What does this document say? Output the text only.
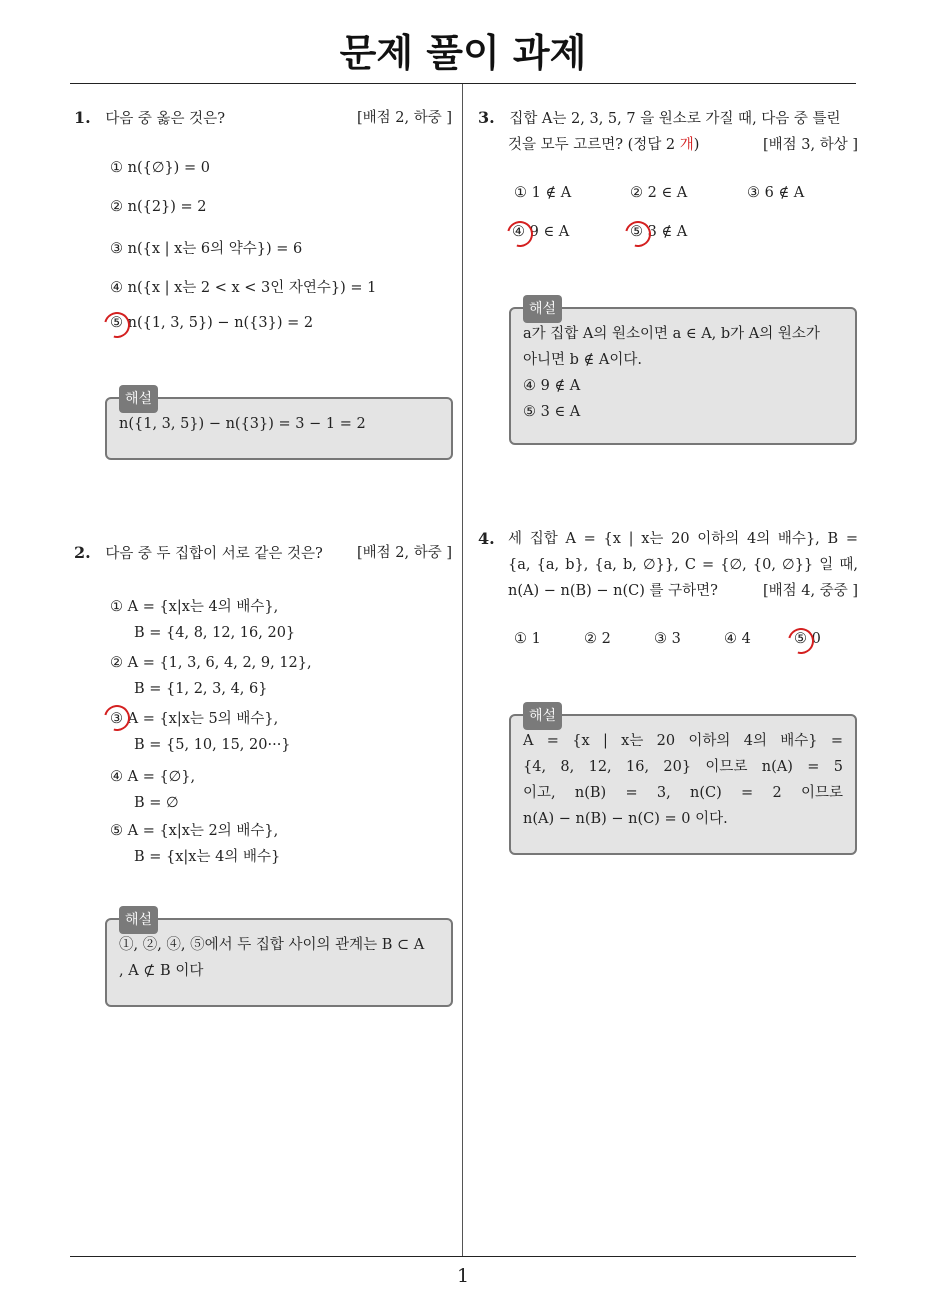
문제 풀이 과제
1
1. 다음 중 옳은 것은?	[배점 2, 하중 ]
① n({∅}) = 0
② n({2}) = 2
③ n({x | x는 6의 약수}) = 6
④ n({x | x는 2 < x < 3인 자연수}) = 1
⑤ n({1, 3, 5}) − n({3}) = 2
해설
n({1, 3, 5}) − n({3}) = 3 − 1 = 2
2. 다음 중 두 집합이 서로 같은 것은? [배점 2, 하중 ]
① A = {x|x는 4의 배수},
B = {4, 8, 12, 16, 20}
② A = {1, 3, 6, 4, 2, 9, 12},
B = {1, 2, 3, 4, 6}
③ A = {x|x는 5의 배수},
B = {5, 10, 15, 20···}
④ A = {∅},
B = ∅
⑤ A = {x|x는 2의 배수},
B = {x|x는 4의 배수}
해설
①, ②, ④, ⑤에서 두 집합 사이의 관계는 B ⊂ A
, A ⊄ B 이다
3. 집합 A는 2, 3, 5, 7 을 원소로 가질 때, 다음 중 틀린
것을 모두 고르면? (정답 2 개)	[배점 3, 하상 ]
① 1 ∉ A	② 2 ∈ A	③ 6 ∉ A
④ 9 ∈ A	⑤ 3 ∉ A
해설
a가 집합 A의 원소이면 a ∈ A, b가 A의 원소가
아니면 b ∉ A이다.
④ 9 ∉ A
⑤ 3 ∈ A
4. 세 집합 A = {x | x는 20 이하의 4의 배수}, B =
{a, {a, b}, {a, b, ∅}}, C = {∅, {0, ∅}} 일 때,
n(A) − n(B) − n(C) 를 구하면?	[배점 4, 중중 ]
① 1	② 2	③ 3	④ 4	⑤ 0
해설
A = {x | x는 20 이하의 4의 배수} =
{4, 8, 12, 16, 20} 이므로 n(A) = 5
이고, n(B) = 3, n(C) = 2 이므로
n(A) − n(B) − n(C) = 0 이다.
